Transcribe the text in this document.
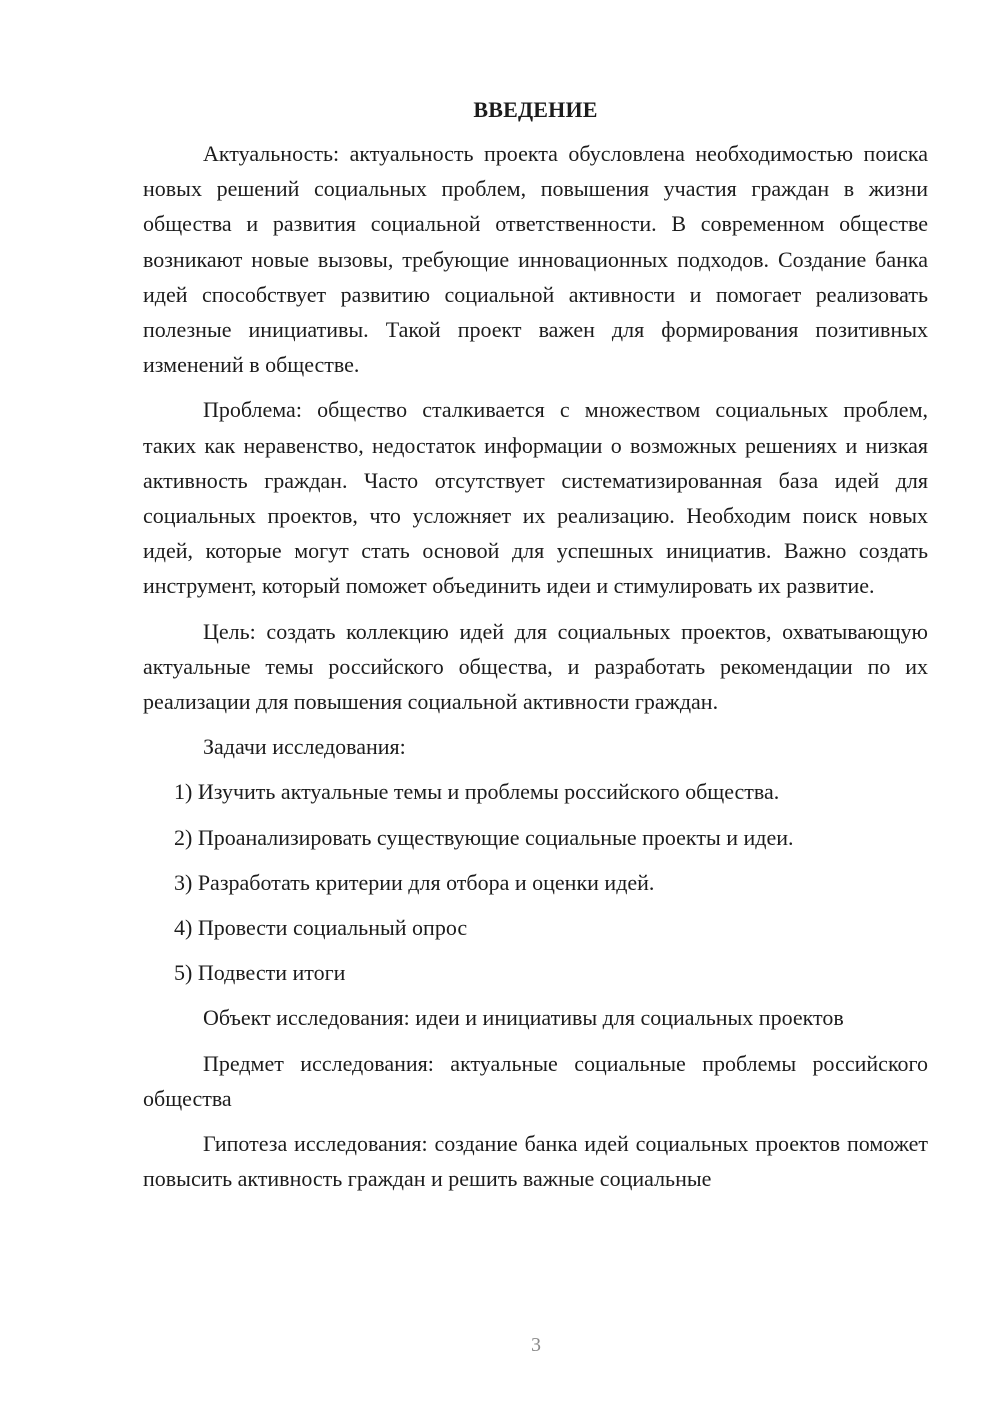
ВВЕДЕНИЕ

Актуальность: актуальность проекта обусловлена необходимостью поиска новых решений социальных проблем, повышения участия граждан в жизни общества и развития социальной ответственности. В современном обществе возникают новые вызовы, требующие инновационных подходов. Создание банка идей способствует развитию социальной активности и помогает реализовать полезные инициативы. Такой проект важен для формирования позитивных изменений в обществе.

Проблема: общество сталкивается с множеством социальных проблем, таких как неравенство, недостаток информации о возможных решениях и низкая активность граждан. Часто отсутствует систематизированная база идей для социальных проектов, что усложняет их реализацию. Необходим поиск новых идей, которые могут стать основой для успешных инициатив. Важно создать инструмент, который поможет объединить идеи и стимулировать их развитие.

Цель: создать коллекцию идей для социальных проектов, охватывающую актуальные темы российского общества, и разработать рекомендации по их реализации для повышения социальной активности граждан.

Задачи исследования:

1) Изучить актуальные темы и проблемы российского общества.

2) Проанализировать существующие социальные проекты и идеи.

3) Разработать критерии для отбора и оценки идей.

4) Провести социальный опрос

5) Подвести итоги

Объект исследования: идеи и инициативы для социальных проектов

Предмет исследования: актуальные социальные проблемы российского общества

Гипотеза исследования: создание банка идей социальных проектов поможет повысить активность граждан и решить важные социальные

3
